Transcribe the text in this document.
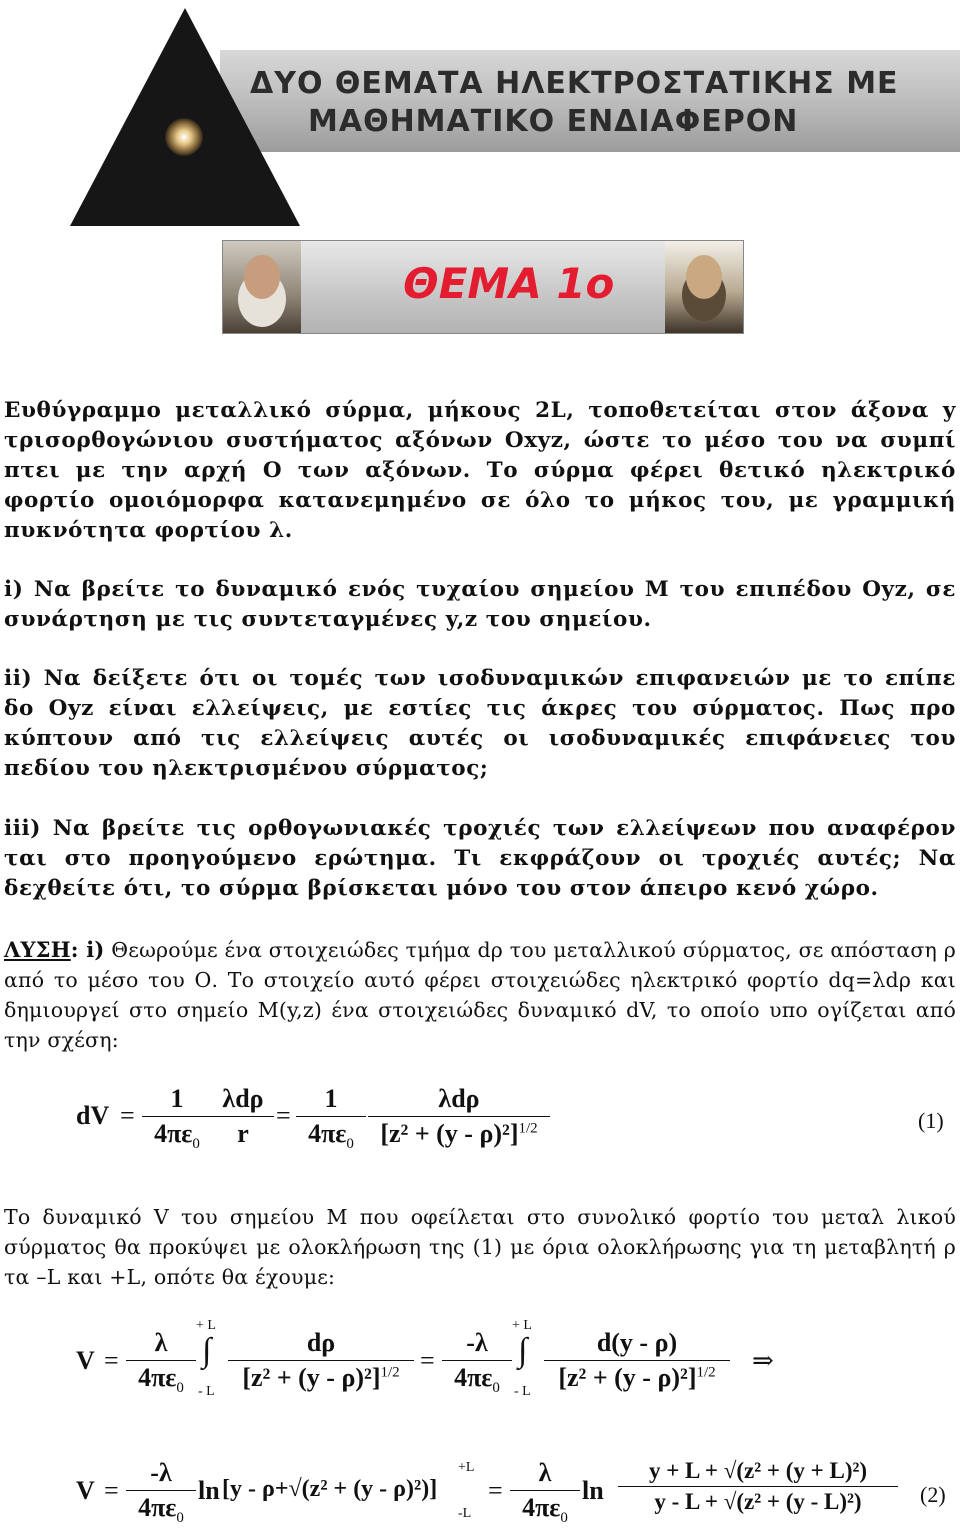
ΔΥΟ ΘΕΜΑΤΑ ΗΛΕΚΤΡΟΣΤΑΤΙΚΗΣ ΜΕ
ΜΑΘΗΜΑΤΙΚΟ ΕΝΔΙΑΦΕΡΟΝ
ΘΕΜΑ 1ο

Ευθύγραμμο μεταλλικό σύρμα, μήκους 2L, τοποθετείται στον άξονα y τρισορθογώνιου συστήματος αξόνων Oxyz, ώστε το μέσο του να συμπί πτει με την αρχή Ο των αξόνων. Το σύρμα φέρει θετικό ηλεκτρικό φορτίο ομοιόμορφα κατανεμημένο σε όλο το μήκος του, με γραμμική πυκνότητα φορτίου λ.

i) Να βρείτε το δυναμικό ενός τυχαίου σημείου Μ του επιπέδου Oyz, σε συνάρτηση με τις συντεταγμένες y,z του σημείου.

ii) Να δείξετε ότι οι τομές των ισοδυναμικών επιφανειών με το επίπε δο Oyz είναι ελλείψεις, με εστίες τις άκρες του σύρματος. Πως προ κύπτουν από τις ελλείψεις αυτές οι ισοδυναμικές επιφάνειες του πεδίου του ηλεκτρισμένου σύρματος;

iii) Να βρείτε τις ορθογωνιακές τροχιές των ελλείψεων που αναφέρον ται στο προηγούμενο ερώτημα. Τι εκφράζουν οι τροχιές αυτές; Να δεχθείτε ότι, το σύρμα βρίσκεται μόνο του στον άπειρο κενό χώρο.

ΛΥΣΗ: i) Θεωρούμε ένα στοιχειώδες τμήμα dρ του μεταλλικού σύρματος, σε απόσταση ρ από το μέσο του Ο. Το στοιχείο αυτό φέρει στοιχειώδες ηλεκτρικό φορτίο dq=λdρ και δημιουργεί στο σημείο Μ(y,z) ένα στοιχειώδες δυναμικό dV, το οποίο υπο ογίζεται από την σχέση:

dV =
1
$4\pi\varepsilon_0$
λdρ
r
=
1
$4\pi\varepsilon_0$
λdρ
$[z^2 + (y - \rho)^2]^{1/2}$	(1)

Το δυναμικό V του σημείου Μ που οφείλεται στο συνολικό φορτίο του μεταλ λικού σύρματος θα προκύψει με ολοκλήρωση της (1) με όρια ολοκλήρωσης για τη μεταβλητή ρ τα –L και +L, οπότε θα έχουμε:

V =
λ
$4\pi\varepsilon_0$
+ L
∫
- L
dρ
$[z^2 + (y - \rho)^2]^{1/2}$ =
-λ
$4\pi\varepsilon_0$
+ L
∫
- L
d(y - ρ)
$[z^2 + (y - \rho)^2]^{1/2}$	⇒
V =
-λ
$4\pi\varepsilon_0$
ln [y - ρ+√(z² + (y - ρ)²)]
+L
-L
=
λ
$4\pi\varepsilon_0$
ln
y + L + √(z² + (y + L)²)
y - L + √(z² + (y - L)²)	(2)
